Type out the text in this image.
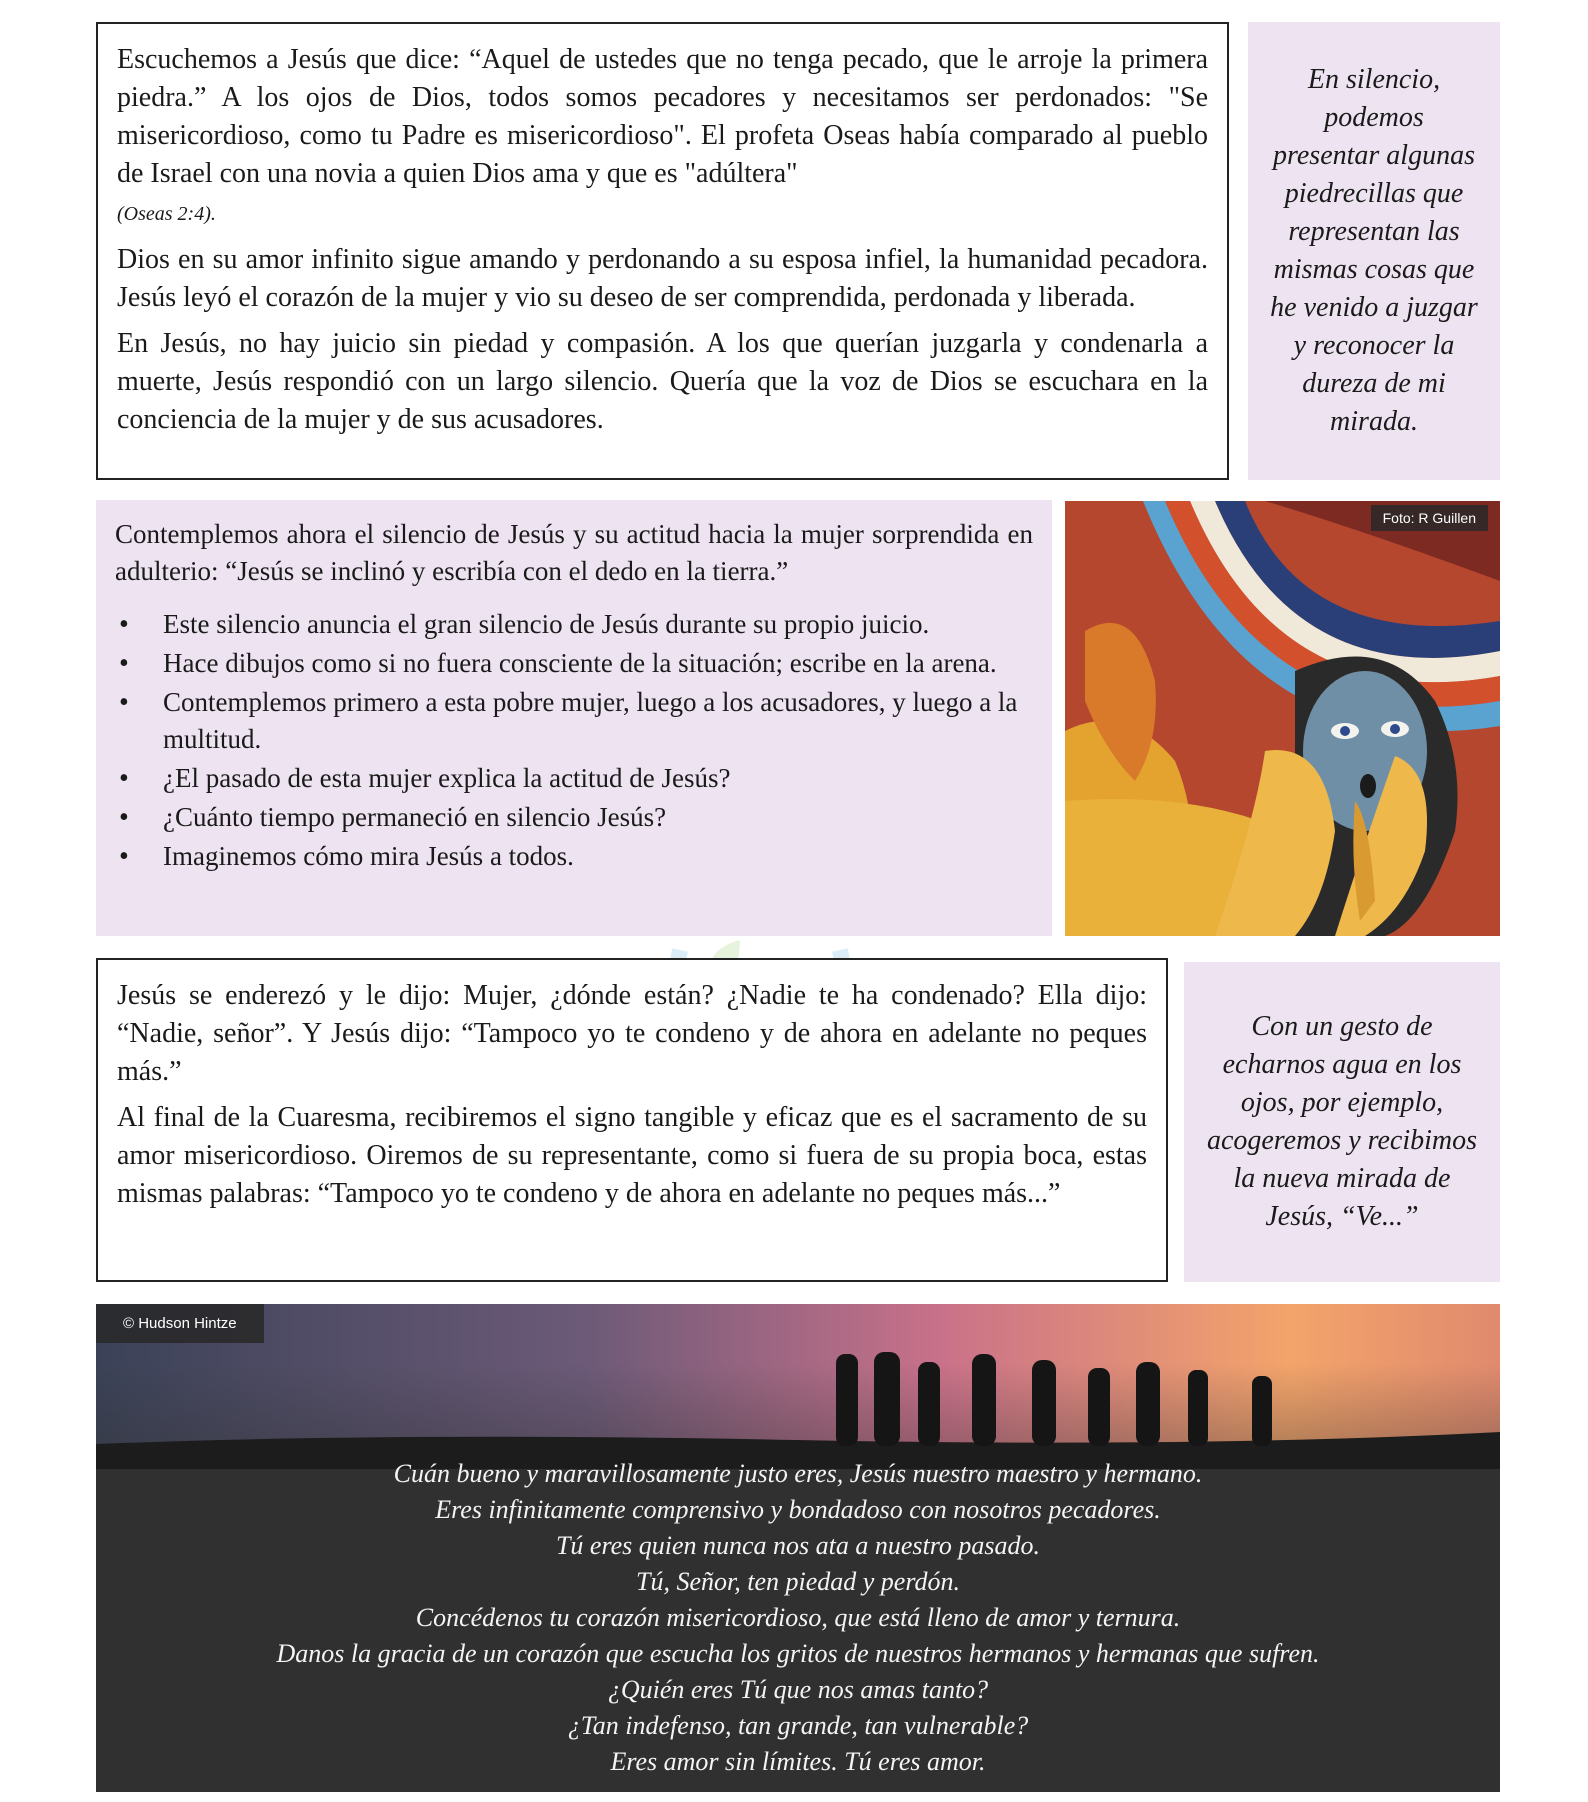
Escuchemos a Jesús que dice: “Aquel de ustedes que no tenga pecado, que le arroje la primera piedra.” A los ojos de Dios, todos somos pecadores y necesitamos ser perdonados: "Se misericordioso, como tu Padre es misericordioso". El profeta Oseas había comparado al pueblo de Israel con una novia a quien Dios ama y que es "adúltera"
(Oseas 2:4).

Dios en su amor infinito sigue amando y perdonando a su esposa infiel, la humanidad pecadora. Jesús leyó el corazón de la mujer y vio su deseo de ser comprendida, perdonada y liberada.

En Jesús, no hay juicio sin piedad y compasión. A los que querían juzgarla y condenarla a muerte, Jesús respondió con un largo silencio. Quería que la voz de Dios se escuchara en la conciencia de la mujer y de sus acusadores.

En silencio, podemos presentar algunas piedrecillas que representan las mismas cosas que he venido a juzgar y reconocer la dureza de mi mirada.
Contemplemos ahora el silencio de Jesús y su actitud hacia la mujer sorprendida en adulterio: “Jesús se inclinó y escribía con el dedo en la tierra.”
• Este silencio anuncia el gran silencio de Jesús durante su propio juicio.
• Hace dibujos como si no fuera consciente de la situación; escribe en la arena.
• Contemplemos primero a esta pobre mujer, luego a los acusadores, y luego a la multitud.
• ¿El pasado de esta mujer explica la actitud de Jesús?
• ¿Cuánto tiempo permaneció en silencio Jesús?
• Imaginemos cómo mira Jesús a todos.
Foto: R Guillen

Jesús se enderezó y le dijo: Mujer, ¿dónde están? ¿Nadie te ha condenado? Ella dijo: “Nadie, señor”. Y Jesús dijo: “Tampoco yo te condeno y de ahora en adelante no peques más.”

Al final de la Cuaresma, recibiremos el signo tangible y eficaz que es el sacramento de su amor misericordioso. Oiremos de su representante, como si fuera de su propia boca, estas mismas palabras: “Tampoco yo te condeno y de ahora en adelante no peques más...”

Con un gesto de echarnos agua en los ojos, por ejemplo, acogeremos y recibimos la nueva mirada de Jesús, “Ve...”
© Hudson Hintze
Cuán bueno y maravillosamente justo eres, Jesús nuestro maestro y hermano.
Eres infinitamente comprensivo y bondadoso con nosotros pecadores.
Tú eres quien nunca nos ata a nuestro pasado.
Tú, Señor, ten piedad y perdón.
Concédenos tu corazón misericordioso, que está lleno de amor y ternura.
Danos la gracia de un corazón que escucha los gritos de nuestros hermanos y hermanas que sufren.
¿Quién eres Tú que nos amas tanto?
¿Tan indefenso, tan grande, tan vulnerable?
Eres amor sin límites. Tú eres amor.
